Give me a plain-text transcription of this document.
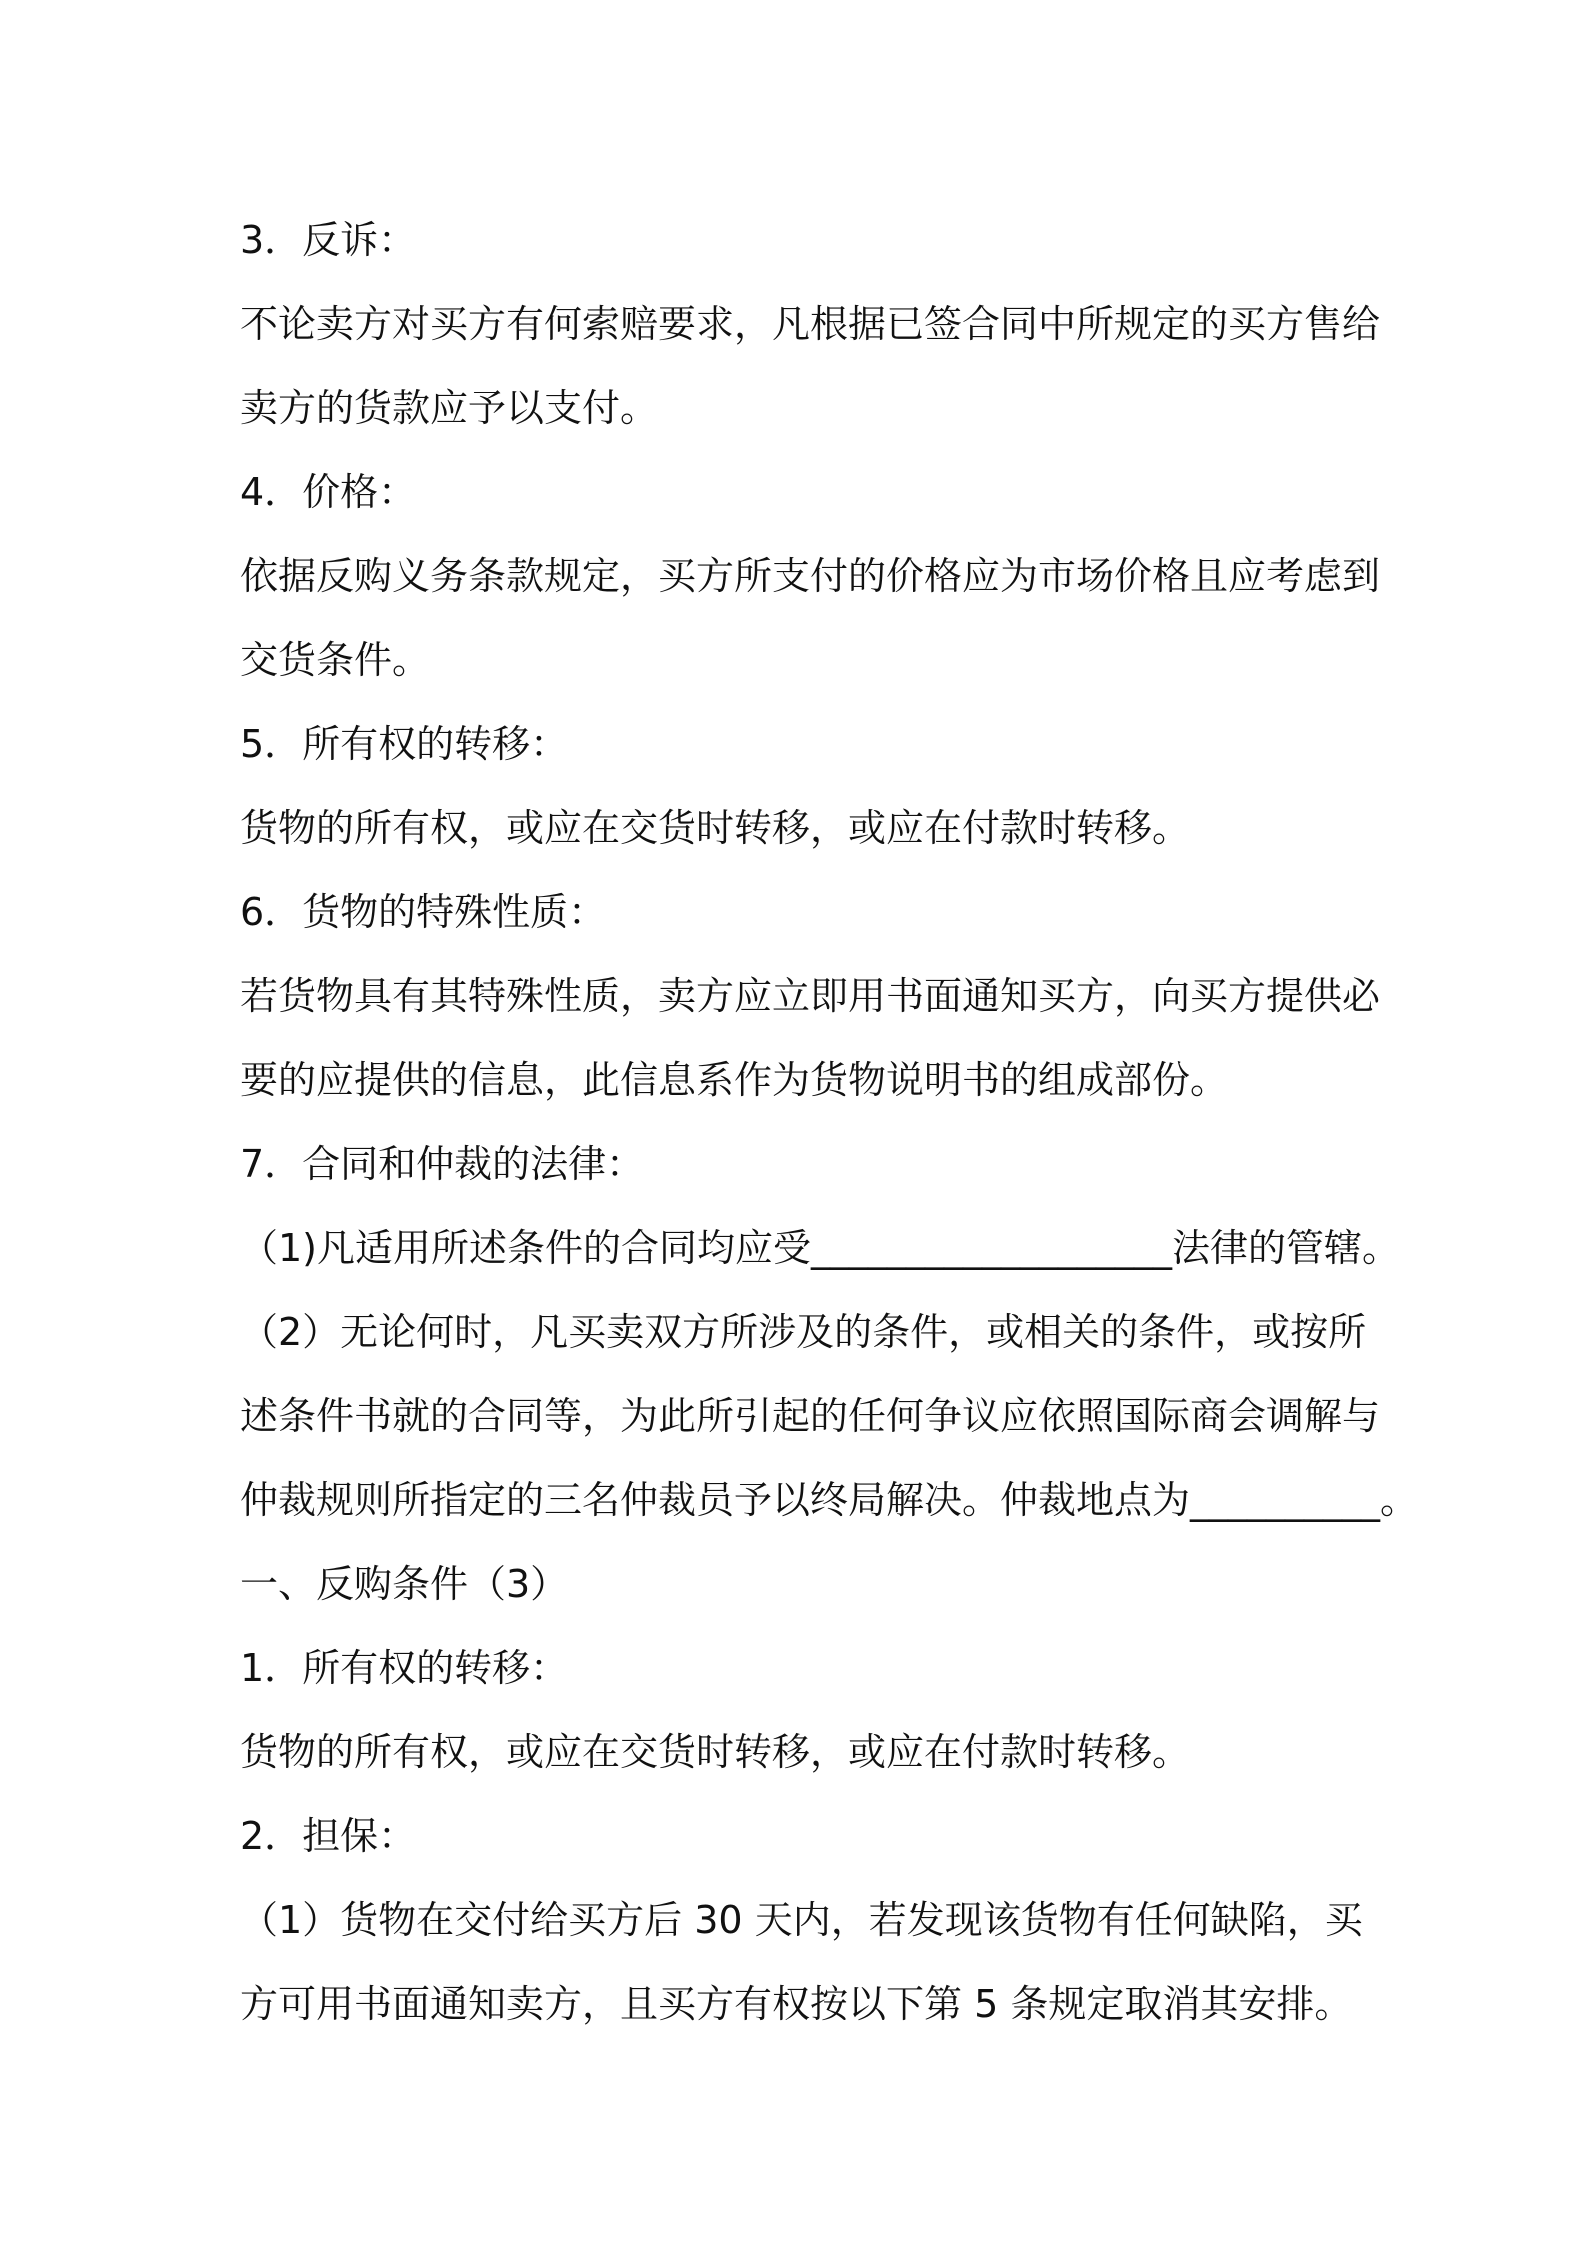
3．反诉：
不论卖方对买方有何索赔要求，凡根据已签合同中所规定的买方售给
卖方的货款应予以支付。
4．价格：
依据反购义务条款规定，买方所支付的价格应为市场价格且应考虑到
交货条件。
5．所有权的转移：
货物的所有权，或应在交货时转移，或应在付款时转移。
6．货物的特殊性质：
若货物具有其特殊性质，卖方应立即用书面通知买方，向买方提供必
要的应提供的信息，此信息系作为货物说明书的组成部份。
7．合同和仲裁的法律：
（1)凡适用所述条件的合同均应受___________________法律的管辖。
（2）无论何时，凡买卖双方所涉及的条件，或相关的条件，或按所
述条件书就的合同等，为此所引起的任何争议应依照国际商会调解与
仲裁规则所指定的三名仲裁员予以终局解决。仲裁地点为__________。
一、反购条件（3）
1．所有权的转移：
货物的所有权，或应在交货时转移，或应在付款时转移。
2．担保：
（1）货物在交付给买方后 30 天内，若发现该货物有任何缺陷，买
方可用书面通知卖方，且买方有权按以下第 5 条规定取消其安排。
